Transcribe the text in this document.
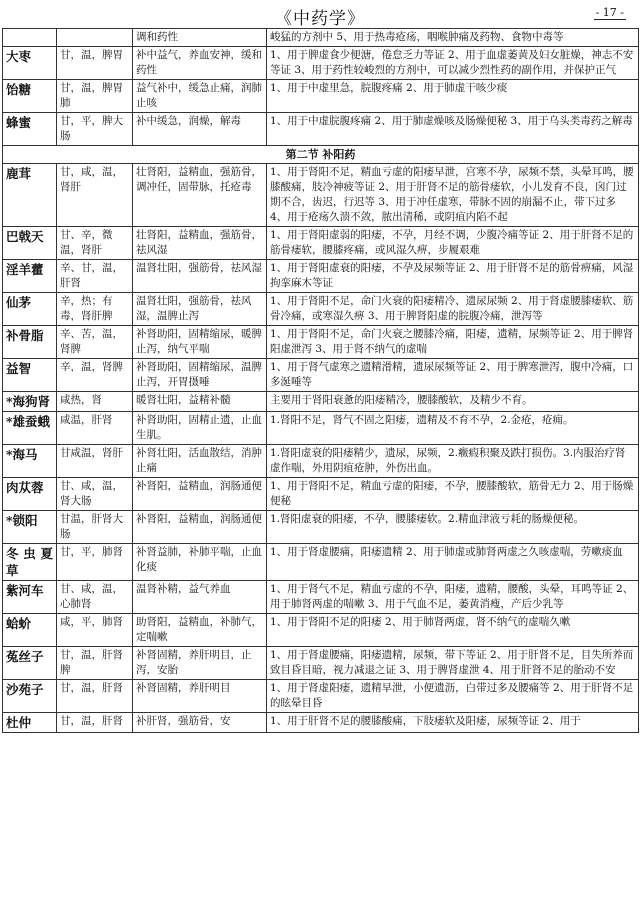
《中药学》	- 17 -
		调和药性	峻猛的方剂中 5、用于热毒疮疡，咽喉肿痛及药物、食物中毒等
大枣	甘，温，脾胃	补中益气，养血安神，缓和药性	1、用于脾虚食少便溏，倦怠乏力等证 2、用于血虚萎黄及妇女脏燥，神志不安等证 3、用于药性较峻烈的方剂中，可以减少烈性药的副作用，并保护正气
饴糖	甘，温，脾胃肺	益气补中，缓急止痛，润肺止咳	1、用于中虚里急，脘腹疼痛 2、用于肺虚干咳少痰
蜂蜜	甘，平，脾大肠	补中缓急，润燥，解毒	1、用于中虚脘腹疼痛 2、用于肺虚燥咳及肠燥便秘 3、用于乌头类毒药之解毒
第二节 补阳药			
鹿茸	甘，咸，温，肾肝	壮肾阳，益精血，强筋骨，调冲任，固带脉，托疮毒	1、用于肾阳不足，精血亏虚的阳痿早泄，宫寒不孕，尿频不禁，头晕耳鸣，腰膝酸痛，肢冷神疲等证 2、用于肝肾不足的筋骨痿软，小儿发育不良，囟门过期不合，齿迟，行迟等 3、用于冲任虚寒，带脉不固的崩漏不止，带下过多 4、用于疮疡久溃不敛，脓出清稀，或阴疽内陷不起
巴戟天	甘、辛，微温，肾肝	壮肾阳，益精血，强筋骨，祛风湿	1、用于肾阳虚弱的阳痿，不孕，月经不调，少腹冷痛等证 2、用于肝肾不足的筋骨痿软，腰膝疼痛，或风湿久痹，步履艰难
淫羊藿	辛、甘，温，肝肾	温肾壮阳，强筋骨，祛风湿	1、用于肾阳虚衰的阳痿，不孕及尿频等证 2、用于肝肾不足的筋骨痹痛，风湿拘挛麻木等证
仙茅	辛，热；有毒，肾肝脾	温肾壮阳，强筋骨，祛风湿，温脾止泻	1、用于肾阳不足，命门火衰的阳痿精冷、遗尿尿频 2、用于肾虚腰膝痿软、筋骨冷痛，或寒湿久痹 3、用于脾肾阳虚的脘腹冷痛，泄泻等
补骨脂	辛、苦，温，肾脾	补肾助阳，固精缩尿，暖脾止泻，纳气平喘	1、用于肾阳不足，命门火衰之腰膝冷痛，阳痿，遗精，尿频等证 2、用于脾肾阳虚泄泻 3、用于肾不纳气的虚喘
益智	辛，温，肾脾	补肾助阳，固精缩尿，温脾止泻，开胃摄唾	1、用于肾气虚寒之遗精滑精，遗尿尿频等证 2、用于脾寒泄泻，腹中冷痛，口多涎唾等
*海狗肾	咸热，肾	暖肾壮阳，益精补髓	主要用于肾阳衰惫的阳痿精冷，腰膝酸软，及精少不育。
*雄蚕蛾	咸温，肝肾	补肾助阳，固精止遗，止血生肌。	1.肾阳不足，肾气不固之阳痿，遗精及不育不孕，2.金疮，疮痈。
*海马	甘咸温，肾肝	补肾壮阳，活血散结，消肿止痛	1.肾阳虚衰的阳痿精少，遗尿，尿频，2.癥瘕积聚及跌打损伤。3.内服治疗肾虚作喘，外用阴疽疮肿，外伤出血。
肉苁蓉	甘、咸，温，肾大肠	补肾阳，益精血，润肠通便	1、用于肾阳不足，精血亏虚的阳痿，不孕，腰膝酸软，筋骨无力 2、用于肠燥便秘
*锁阳	甘温，肝肾大肠	补肾阳，益精血，润肠通便	1.肾阳虚衰的阳痿，不孕，腰膝痿软。2.精血津液亏耗的肠燥便秘。
冬虫夏草	甘，平，肺肾	补肾益肺，补肺平喘，止血化痰	1、用于肾虚腰痛，阳痿遗精 2、用于肺虚或肺肾两虚之久咳虚喘，劳嗽痰血
紫河车	甘、咸，温，心肺肾	温肾补精，益气养血	1、用于肾气不足，精血亏虚的不孕，阳痿，遗精，腰酸，头晕，耳鸣等证 2、用于肺肾两虚的喘嗽 3、用于气血不足，萎黄消瘦，产后少乳等
蛤蚧	咸，平，肺肾	助肾阳，益精血，补肺气，定喘嗽	1、用于肾阳不足的阳痿 2、用于肺肾两虚，肾不纳气的虚喘久嗽
菟丝子	甘，温，肝肾脾	补肾固精，养肝明目，止泻，安胎	1、用于肾虚腰痛，阳痿遗精，尿频，带下等证 2、用于肝肾不足，目失所养而致目昏目暗，视力减退之证 3、用于脾肾虚泄 4、用于肝肾不足的胎动不安
沙苑子	甘，温，肝肾	补肾固精，养肝明目	1、用于肾虚阳痿，遗精早泄，小便遗沥，白带过多及腰痛等 2、用于肝肾不足的眩晕目昏
杜仲	甘，温，肝肾	补肝肾，强筋骨，安	1、用于肝肾不足的腰膝酸痛，下肢痿软及阳痿，尿频等证 2、用于
